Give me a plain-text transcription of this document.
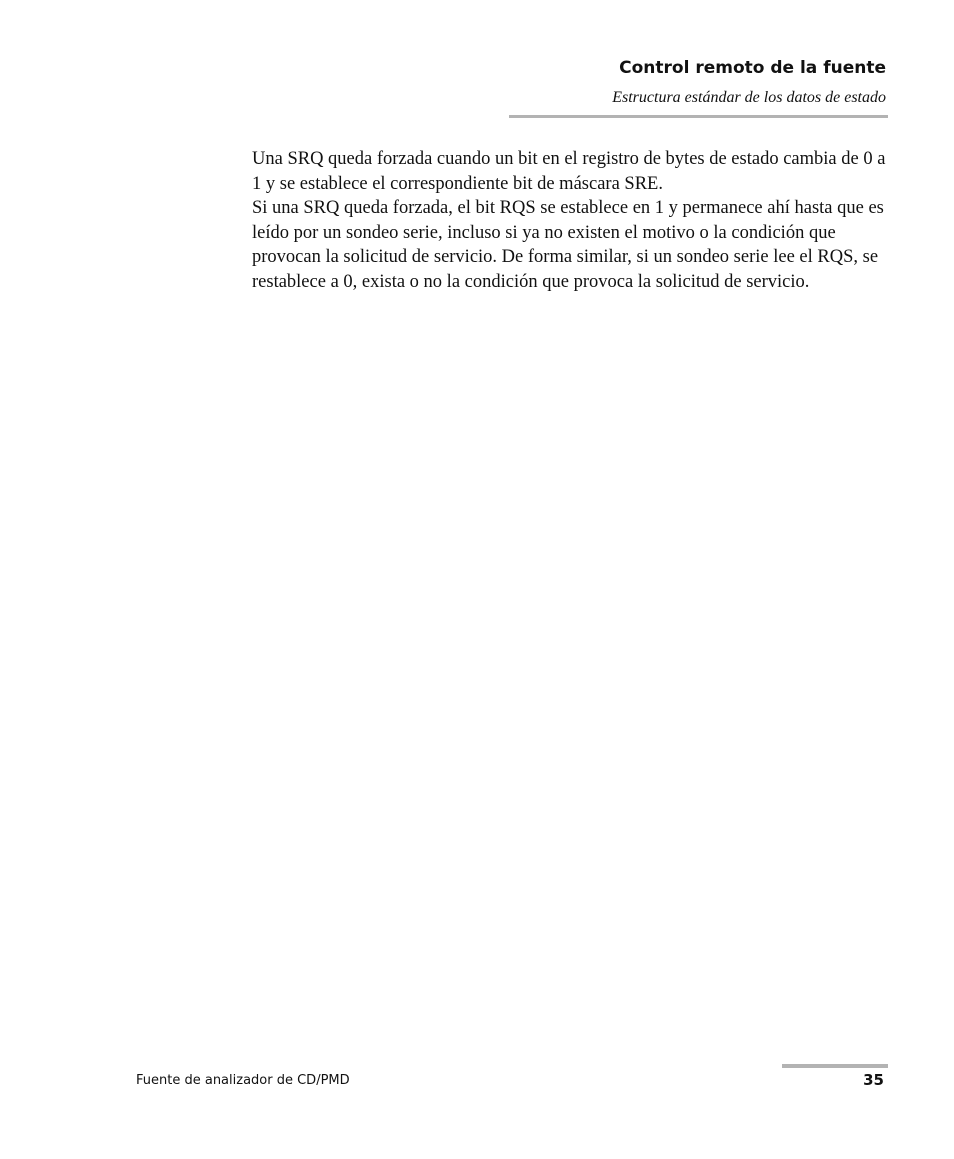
Control remoto de la fuente
Estructura estándar de los datos de estado

Una SRQ queda forzada cuando un bit en el registro de bytes de estado cambia de 0 a 1 y se establece el correspondiente bit de máscara SRE.

Si una SRQ queda forzada, el bit RQS se establece en 1 y permanece ahí hasta que es leído por un sondeo serie, incluso si ya no existen el motivo o la condición que provocan la solicitud de servicio. De forma similar, si un sondeo serie lee el RQS, se restablece a 0, exista o no la condición que provoca la solicitud de servicio.

Fuente de analizador de CD/PMD	35
